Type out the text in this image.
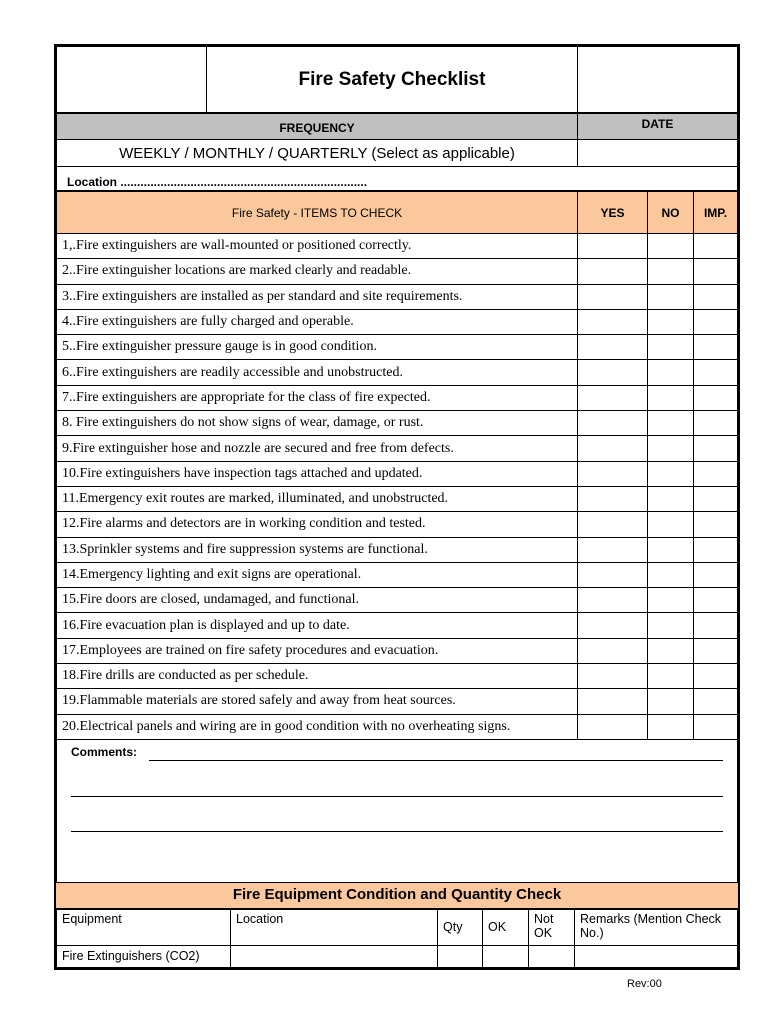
	Fire Safety Checklist	
FREQUENCY	DATE
WEEKLY / MONTHLY / QUARTERLY (Select as applicable)	
Location ..........................................................................	
Fire Safety - ITEMS TO CHECK	YES	NO	IMP.
1,.Fire extinguishers are wall-mounted or positioned correctly.			
2..Fire extinguisher locations are marked clearly and readable.			
3..Fire extinguishers are installed as per standard and site requirements.			
4..Fire extinguishers are fully charged and operable.			
5..Fire extinguisher pressure gauge is in good condition.			
6..Fire extinguishers are readily accessible and unobstructed.			
7..Fire extinguishers are appropriate for the class of fire expected.			
8. Fire extinguishers do not show signs of wear, damage, or rust.			
9.Fire extinguisher hose and nozzle are secured and free from defects.			
10.Fire extinguishers have inspection tags attached and updated.			
11.Emergency exit routes are marked, illuminated, and unobstructed.			
12.Fire alarms and detectors are in working condition and tested.			
13.Sprinkler systems and fire suppression systems are functional.			
14.Emergency lighting and exit signs are operational.			
15.Fire doors are closed, undamaged, and functional.			
16.Fire evacuation plan is displayed and up to date.			
17.Employees are trained on fire safety procedures and evacuation.			
18.Fire drills are conducted as per schedule.			
19.Flammable materials are stored safely and away from heat sources.			
20.Electrical panels and wiring are in good condition with no overheating signs.			
Comments:
Fire Equipment Condition and Quantity Check
Equipment	Location	Qty	OK	Not OK	Remarks (Mention Check No.)
Fire Extinguishers (CO2)					
Rev:00
